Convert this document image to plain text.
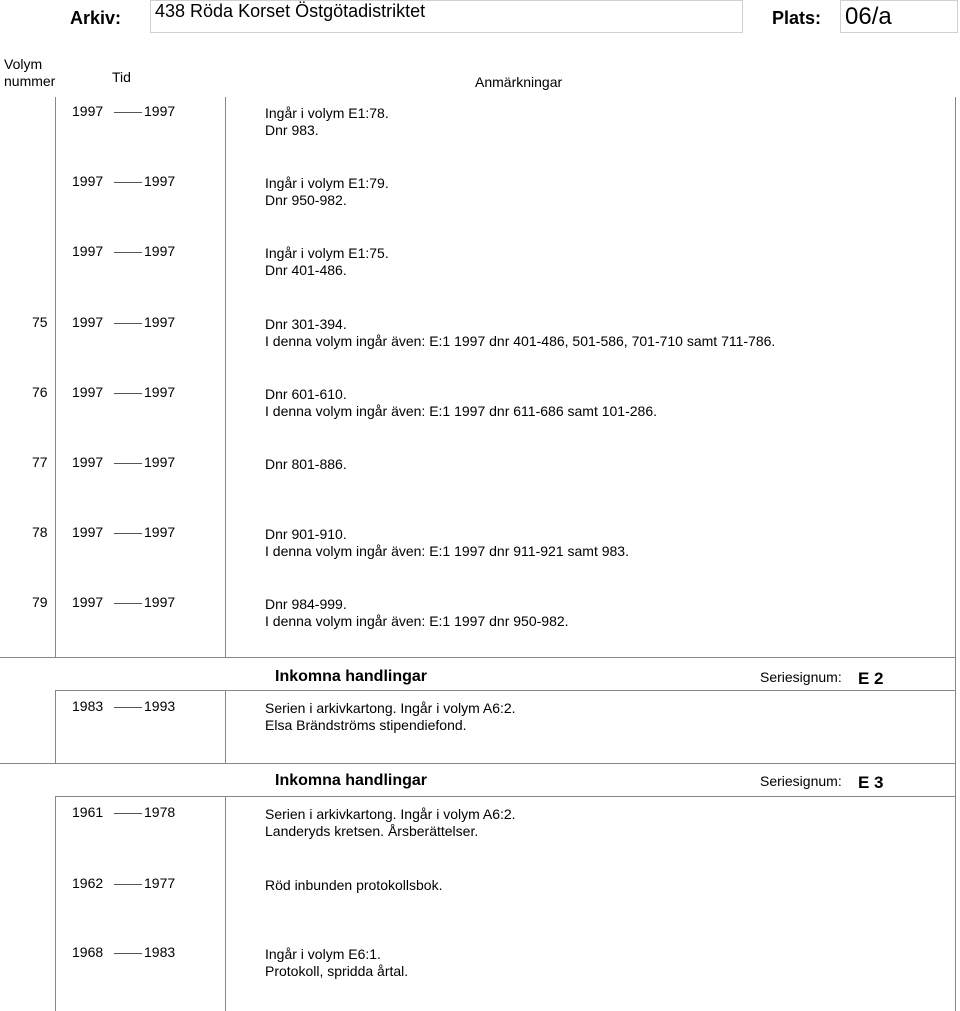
Arkiv: 438 Röda Korset Östgötadistriktet	Plats: 06/a
Volym
nummer	Tid	Anmärkningar
1997	1997	Ingår i volym E1:78.
Dnr 983.
1997	1997	Ingår i volym E1:79.
Dnr 950-982.
1997	1997	Ingår i volym E1:75.
Dnr 401-486.
75 1997	1997	Dnr 301-394.
I denna volym ingår även: E:1 1997 dnr 401-486, 501-586, 701-710 samt 711-786.
76 1997	1997	Dnr 601-610.
I denna volym ingår även: E:1 1997 dnr 611-686 samt 101-286.
77 1997	1997	Dnr 801-886.
78 1997	1997	Dnr 901-910.
I denna volym ingår även: E:1 1997 dnr 911-921 samt 983.
79 1997	1997	Dnr 984-999.
I denna volym ingår även: E:1 1997 dnr 950-982.
Inkomna handlingar	Seriesignum: E 2
1983	1993	Serien i arkivkartong. Ingår i volym A6:2.
Elsa Brändströms stipendiefond.
Inkomna handlingar	Seriesignum: E 3
1961	1978	Serien i arkivkartong. Ingår i volym A6:2.
Landeryds kretsen. Årsberättelser.
1962	1977	Röd inbunden protokollsbok.
1968	1983	Ingår i volym E6:1.
Protokoll, spridda årtal.
